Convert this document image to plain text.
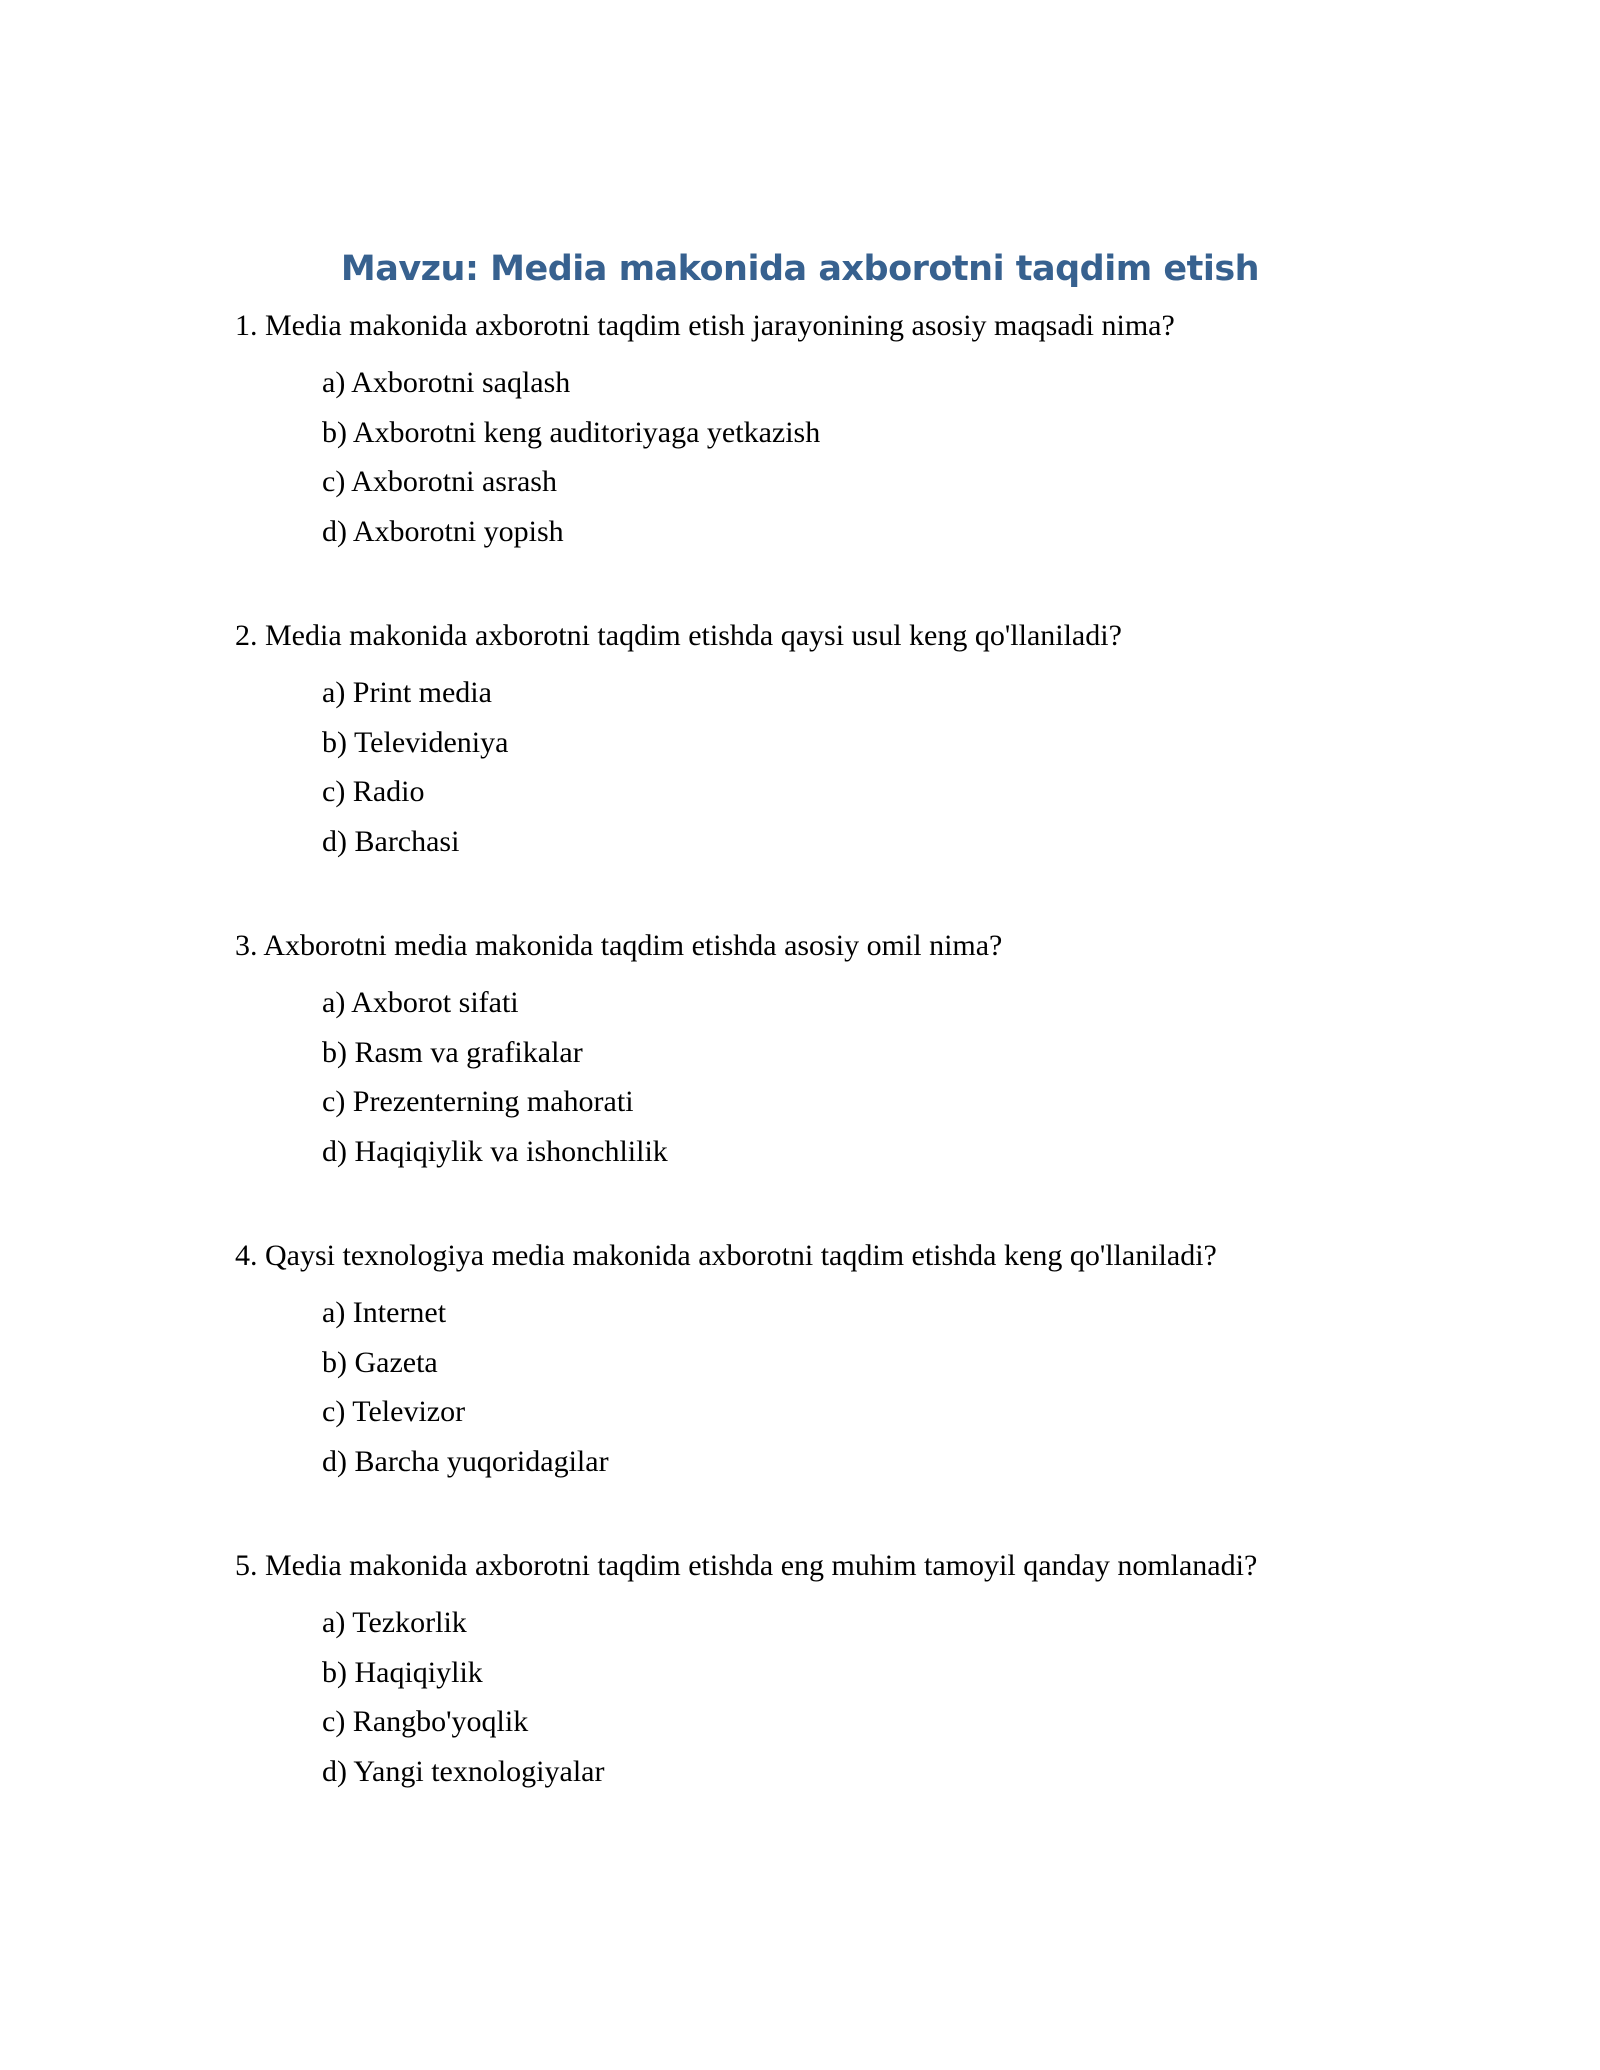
Mavzu: Media makonida axborotni taqdim etish

1. Media makonida axborotni taqdim etish jarayonining asosiy maqsadi nima?

a) Axborotni saqlash
b) Axborotni keng auditoriyaga yetkazish
c) Axborotni asrash
d) Axborotni yopish

2. Media makonida axborotni taqdim etishda qaysi usul keng qo'llaniladi?

a) Print media
b) Televideniya
c) Radio
d) Barchasi

3. Axborotni media makonida taqdim etishda asosiy omil nima?

a) Axborot sifati
b) Rasm va grafikalar
c) Prezenterning mahorati
d) Haqiqiylik va ishonchlilik

4. Qaysi texnologiya media makonida axborotni taqdim etishda keng qo'llaniladi?

a) Internet
b) Gazeta
c) Televizor
d) Barcha yuqoridagilar

5. Media makonida axborotni taqdim etishda eng muhim tamoyil qanday nomlanadi?

a) Tezkorlik
b) Haqiqiylik
c) Rangbo'yoqlik
d) Yangi texnologiyalar
